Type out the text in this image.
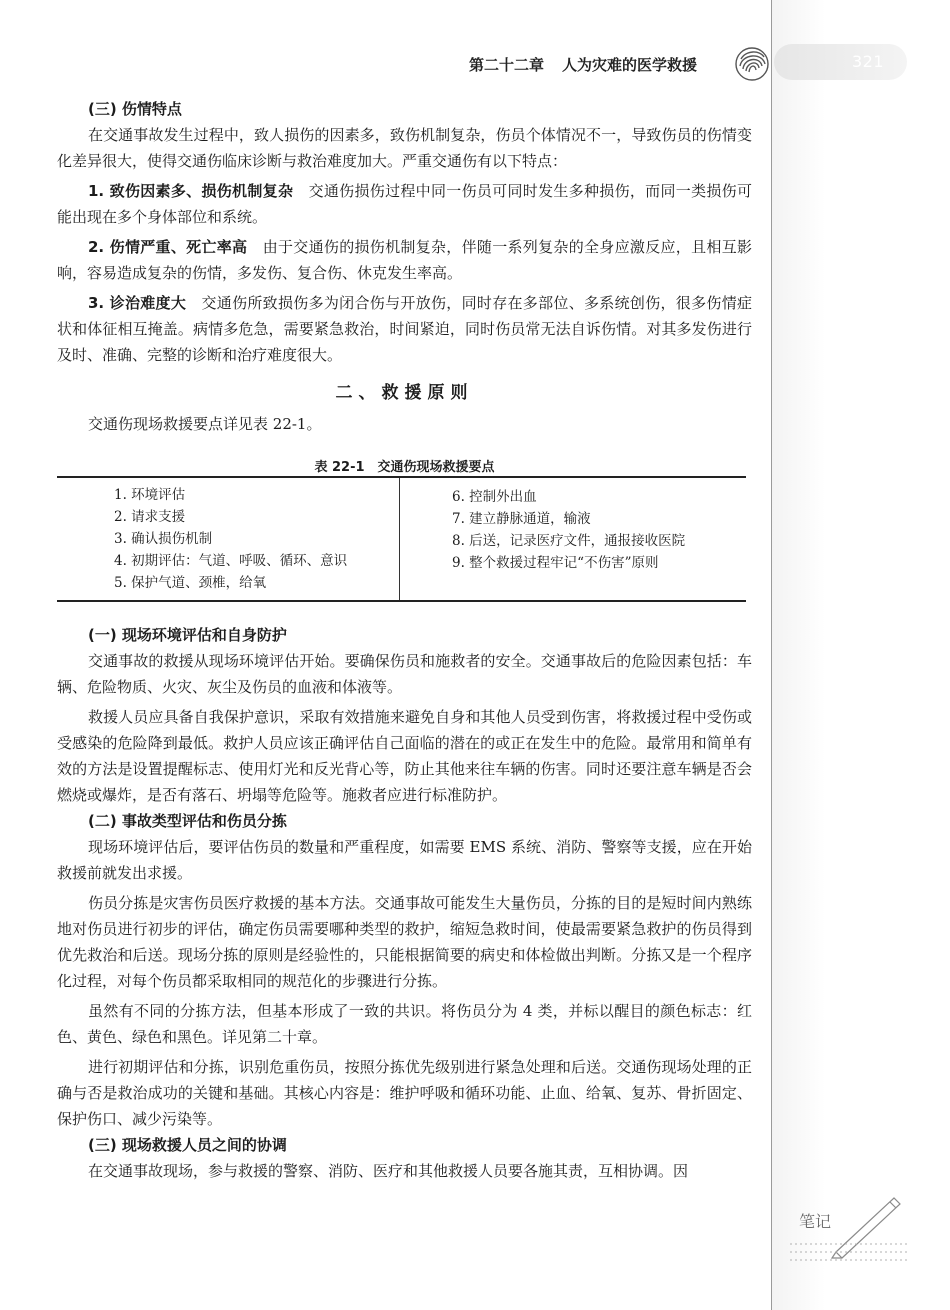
第二十二章 人为灾难的医学救援	321
(三) 伤情特点

在交通事故发生过程中，致人损伤的因素多，致伤机制复杂，伤员个体情况不一，导致伤员的伤情变化差异很大，使得交通伤临床诊断与救治难度加大。严重交通伤有以下特点：

1. 致伤因素多、损伤机制复杂　 交通伤损伤过程中同一伤员可同时发生多种损伤，而同一类损伤可能出现在多个身体部位和系统。

2. 伤情严重、死亡率高　 由于交通伤的损伤机制复杂，伴随一系列复杂的全身应激反应，且相互影响，容易造成复杂的伤情，多发伤、复合伤、休克发生率高。

3. 诊治难度大　 交通伤所致损伤多为闭合伤与开放伤，同时存在多部位、多系统创伤，很多伤情症状和体征相互掩盖。病情多危急，需要紧急救治，时间紧迫，同时伤员常无法自诉伤情。对其多发伤进行及时、准确、完整的诊断和治疗难度很大。

二、救援原则

交通伤现场救援要点详见表 22-1。

表 22-1　交通伤现场救援要点
1. 环境评估
2. 请求支援
3. 确认损伤机制
4. 初期评估：气道、呼吸、循环、意识
5. 保护气道、颈椎，给氧

6. 控制外出血
7. 建立静脉通道，输液
8. 后送，记录医疗文件，通报接收医院
9. 整个救援过程牢记“不伤害”原则
(一) 现场环境评估和自身防护

交通事故的救援从现场环境评估开始。要确保伤员和施救者的安全。交通事故后的危险因素包括：车辆、危险物质、火灾、灰尘及伤员的血液和体液等。

救援人员应具备自我保护意识，采取有效措施来避免自身和其他人员受到伤害，将救援过程中受伤或受感染的危险降到最低。救护人员应该正确评估自己面临的潜在的或正在发生中的危险。最常用和简单有效的方法是设置提醒标志、使用灯光和反光背心等，防止其他来往车辆的伤害。同时还要注意车辆是否会燃烧或爆炸，是否有落石、坍塌等危险等。施救者应进行标准防护。

(二) 事故类型评估和伤员分拣

现场环境评估后，要评估伤员的数量和严重程度，如需要 EMS 系统、消防、警察等支援，应在开始救援前就发出求援。

伤员分拣是灾害伤员医疗救援的基本方法。交通事故可能发生大量伤员，分拣的目的是短时间内熟练地对伤员进行初步的评估，确定伤员需要哪种类型的救护，缩短急救时间，使最需要紧急救护的伤员得到优先救治和后送。现场分拣的原则是经验性的，只能根据简要的病史和体检做出判断。分拣又是一个程序化过程，对每个伤员都采取相同的规范化的步骤进行分拣。

虽然有不同的分拣方法，但基本形成了一致的共识。将伤员分为 4 类，并标以醒目的颜色标志：红色、黄色、绿色和黑色。详见第二十章。

进行初期评估和分拣，识别危重伤员，按照分拣优先级别进行紧急处理和后送。交通伤现场处理的正确与否是救治成功的关键和基础。其核心内容是：维护呼吸和循环功能、止血、给氧、复苏、骨折固定、保护伤口、减少污染等。

(三) 现场救援人员之间的协调

在交通事故现场，参与救援的警察、消防、医疗和其他救援人员要各施其责，互相协调。因

笔记
